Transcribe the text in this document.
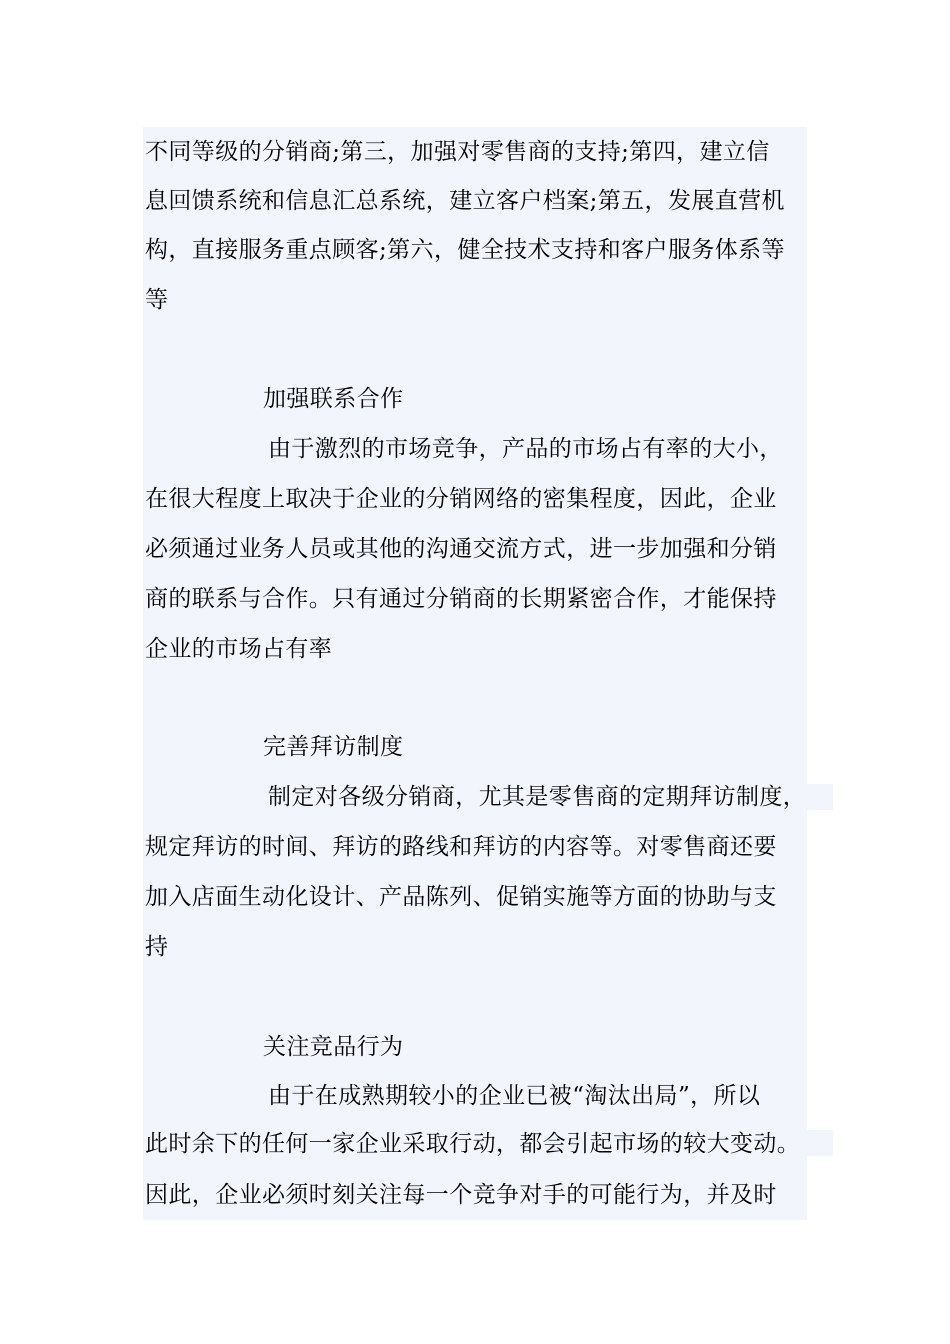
不同等级的分销商;第三，加强对零售商的支持;第四，建立信
息回馈系统和信息汇总系统，建立客户档案;第五，发展直营机
构，直接服务重点顾客;第六，健全技术支持和客户服务体系等
等
加强联系合作
由于激烈的市场竞争，产品的市场占有率的大小，
在很大程度上取决于企业的分销网络的密集程度，因此，企业
必须通过业务人员或其他的沟通交流方式，进一步加强和分销
商的联系与合作。只有通过分销商的长期紧密合作，才能保持
企业的市场占有率
完善拜访制度
制定对各级分销商，尤其是零售商的定期拜访制度，
规定拜访的时间、拜访的路线和拜访的内容等。对零售商还要
加入店面生动化设计、产品陈列、促销实施等方面的协助与支
持
关注竞品行为
由于在成熟期较小的企业已被“淘汰出局”，所以
此时余下的任何一家企业采取行动，都会引起市场的较大变动。
因此，企业必须时刻关注每一个竞争对手的可能行为，并及时
